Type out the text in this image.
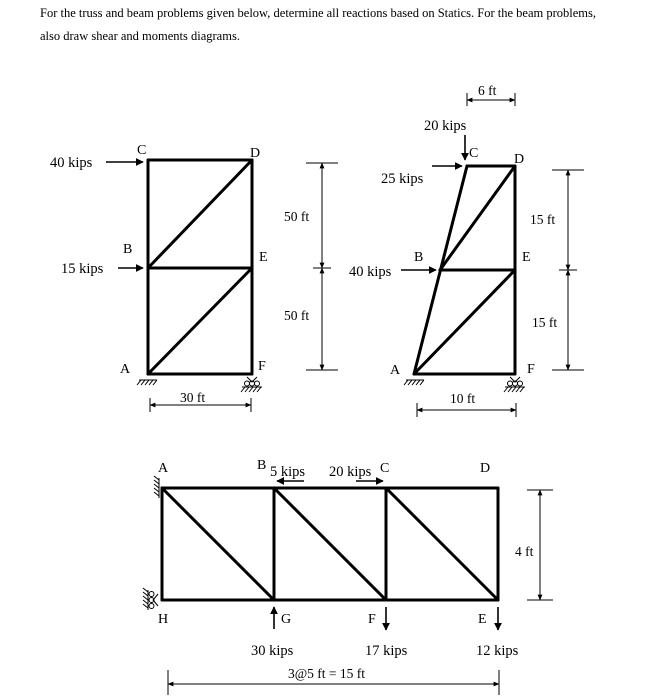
For the truss and beam problems given below, determine all reactions based on Statics. For the beam problems,

also draw shear and moments diagrams.

C	D
B
E
A	F
40 kips
15 kips
50 ft
50 ft
30 ft
C	D
B	E
A	F
20 kips
25 kips
40 kips
6 ft
15 ft
15 ft
10 ft
A	B	C	D
H	G	F	E
5 kips 20 kips
30 kips	17 kips	12 kips
4 ft
3@5 ft = 15 ft
